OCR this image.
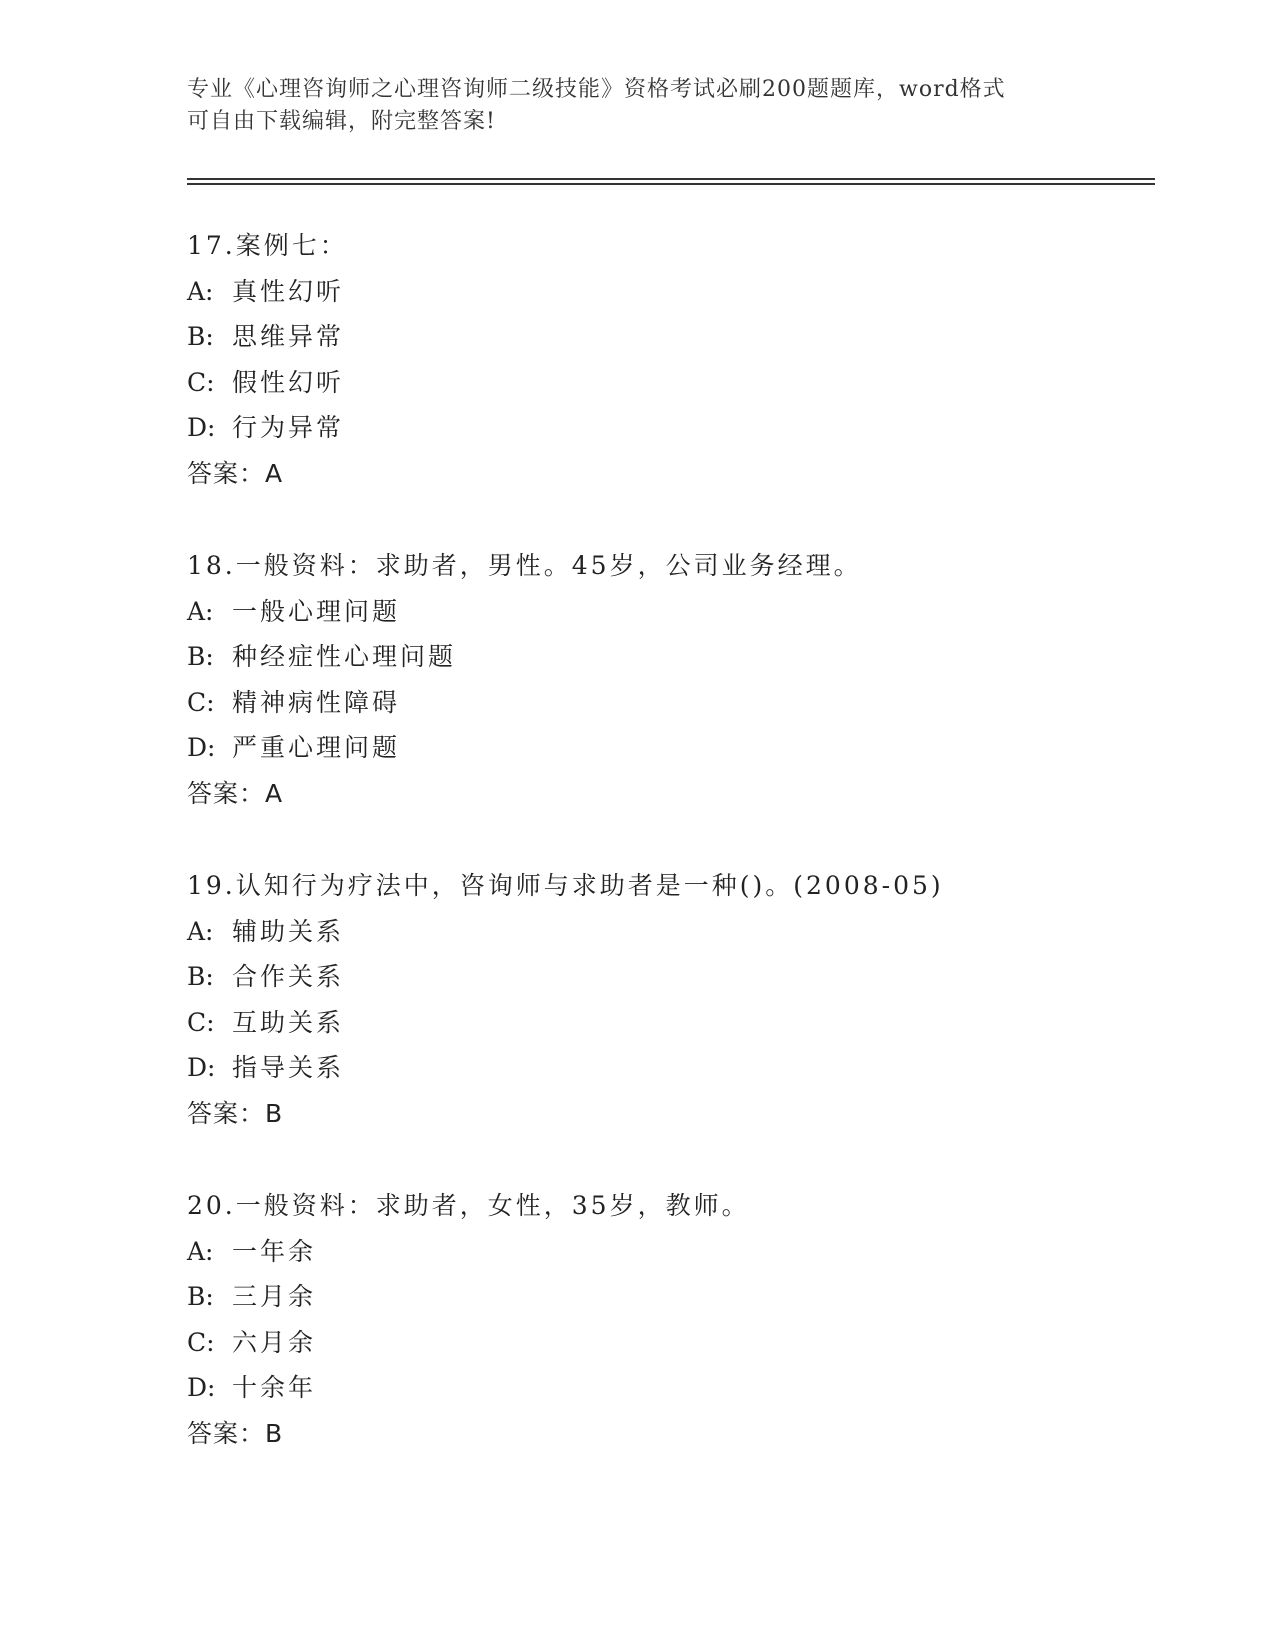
专业《心理咨询师之心理咨询师二级技能》资格考试必刷200题题库，word格式
可自由下载编辑，附完整答案!
17.案例七：
A: 真性幻听
B: 思维异常
C: 假性幻听
D: 行为异常
答案：A
18.一般资料：求助者，男性。45岁，公司业务经理。
A: 一般心理问题
B: 种经症性心理问题
C: 精神病性障碍
D: 严重心理问题
答案：A
19.认知行为疗法中，咨询师与求助者是一种()。(2008-05)
A: 辅助关系
B: 合作关系
C: 互助关系
D: 指导关系
答案：B
20.一般资料：求助者，女性，35岁，教师。
A: 一年余
B: 三月余
C: 六月余
D: 十余年
答案：B
